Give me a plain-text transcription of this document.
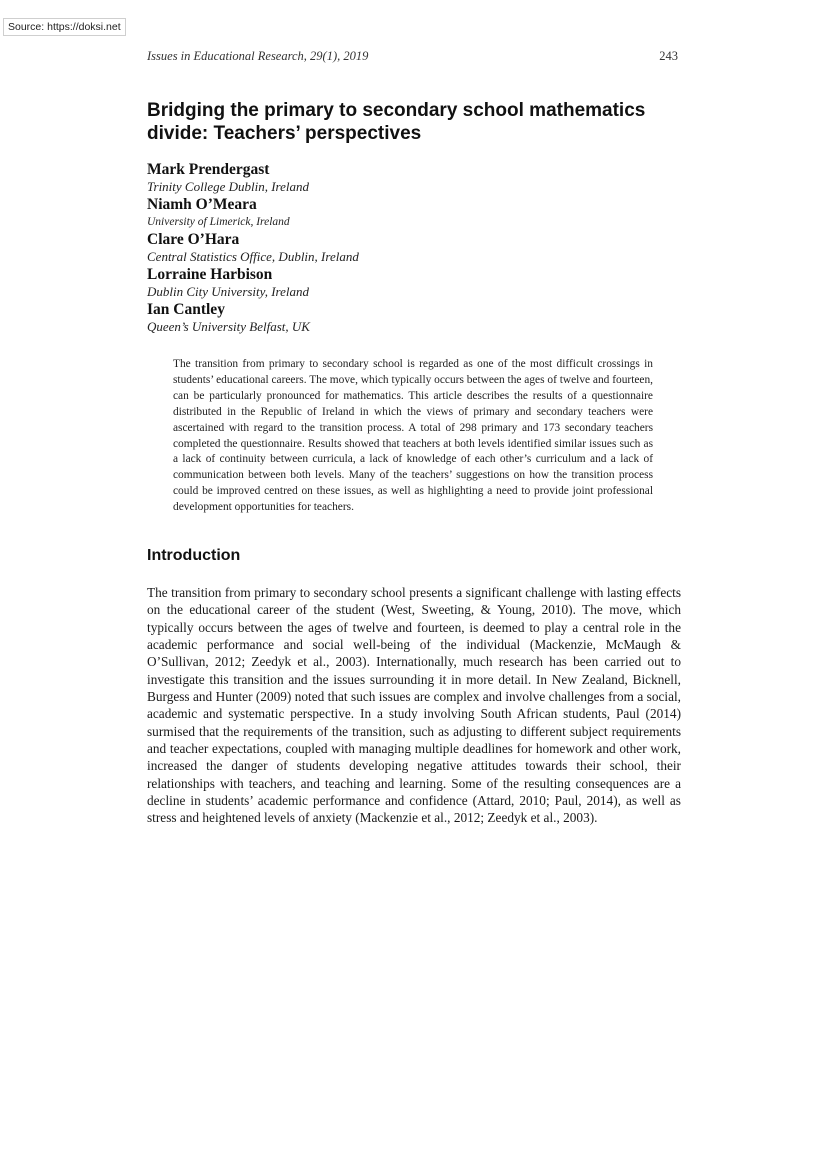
Source: https://doksi.net
Issues in Educational Research, 29(1), 2019	243
Bridging the primary to secondary school mathematics divide: Teachers’ perspectives
Mark Prendergast
Trinity College Dublin, Ireland
Niamh O’Meara
University of Limerick, Ireland
Clare O’Hara
Central Statistics Office, Dublin, Ireland
Lorraine Harbison
Dublin City University, Ireland
Ian Cantley
Queen’s University Belfast, UK

The transition from primary to secondary school is regarded as one of the most difficult crossings in students’ educational careers. The move, which typically occurs between the ages of twelve and fourteen, can be particularly pronounced for mathematics. This article describes the results of a questionnaire distributed in the Republic of Ireland in which the views of primary and secondary teachers were ascertained with regard to the transition process. A total of 298 primary and 173 secondary teachers completed the questionnaire. Results showed that teachers at both levels identified similar issues such as a lack of continuity between curricula, a lack of knowledge of each other’s curriculum and a lack of communication between both levels. Many of the teachers’ suggestions on how the transition process could be improved centred on these issues, as well as highlighting a need to provide joint professional development opportunities for teachers.

Introduction

The transition from primary to secondary school presents a significant challenge with lasting effects on the educational career of the student (West, Sweeting, & Young, 2010). The move, which typically occurs between the ages of twelve and fourteen, is deemed to play a central role in the academic performance and social well-being of the individual (Mackenzie, McMaugh & O’Sullivan, 2012; Zeedyk et al., 2003). Internationally, much research has been carried out to investigate this transition and the issues surrounding it in more detail. In New Zealand, Bicknell, Burgess and Hunter (2009) noted that such issues are complex and involve challenges from a social, academic and systematic perspective. In a study involving South African students, Paul (2014) surmised that the requirements of the transition, such as adjusting to different subject requirements and teacher expectations, coupled with managing multiple deadlines for homework and other work, increased the danger of students developing negative attitudes towards their school, their relationships with teachers, and teaching and learning. Some of the resulting consequences are a decline in students’ academic performance and confidence (Attard, 2010; Paul, 2014), as well as stress and heightened levels of anxiety (Mackenzie et al., 2012; Zeedyk et al., 2003).
